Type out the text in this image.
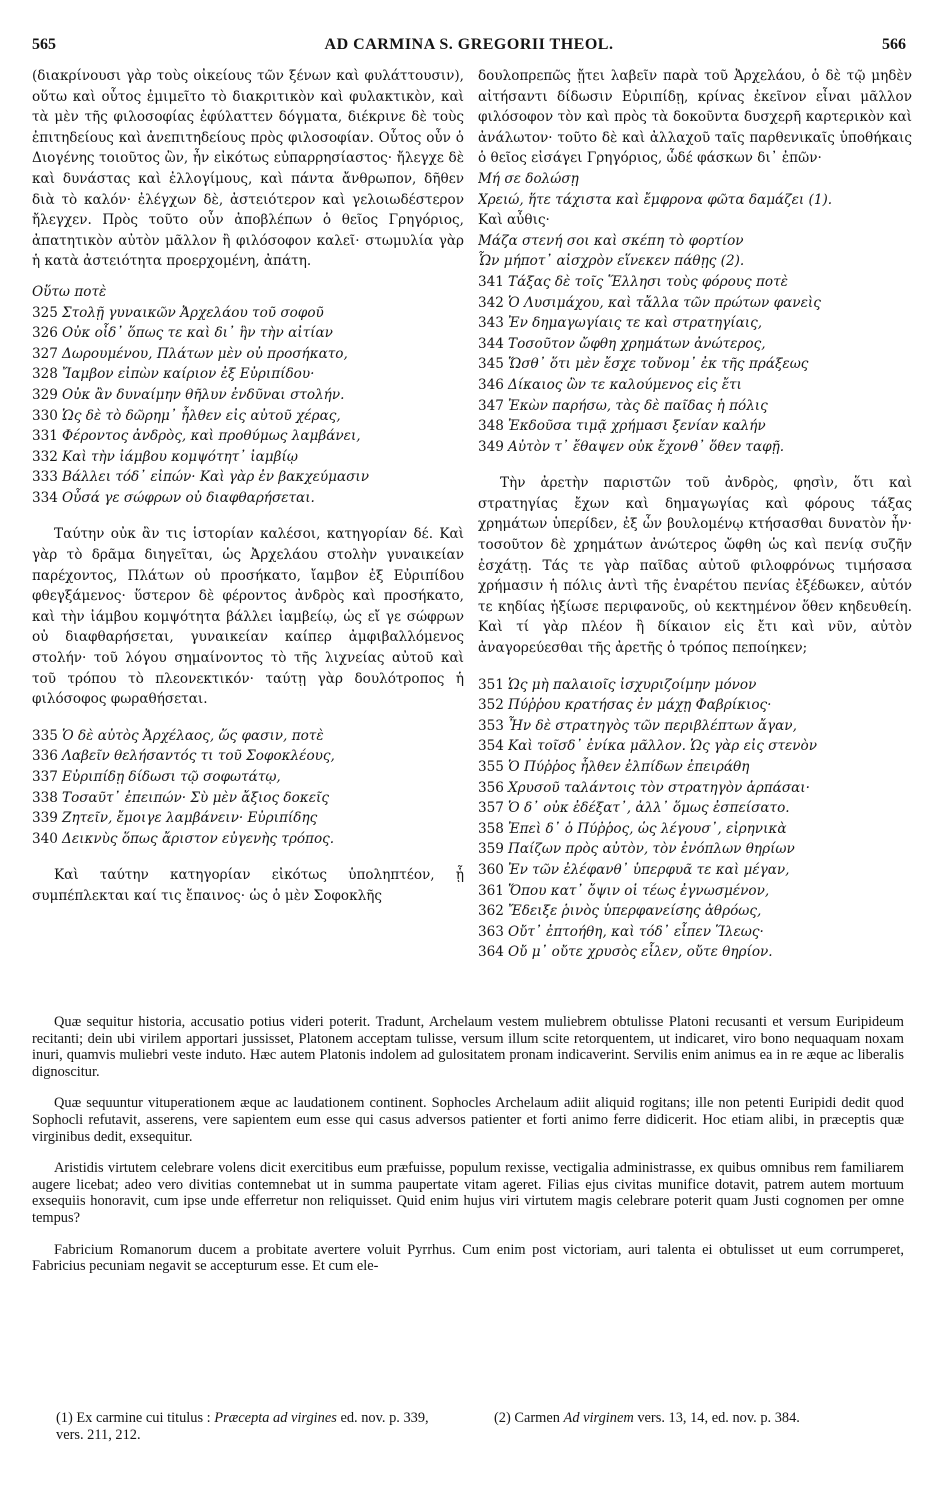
565	AD CARMINA S. GREGORII THEOL.	566

(διακρίνουσι γὰρ τοὺς οἰκείους τῶν ξένων καὶ φυλάττουσιν), οὕτω καὶ οὗτος ἐμιμεῖτο τὸ διακριτικὸν καὶ φυλακτικὸν, καὶ τὰ μὲν τῆς φιλοσοφίας ἐφύλαττεν δόγματα, διέκρινε δὲ τοὺς ἐπιτηδείους καὶ ἀνεπιτηδείους πρὸς φιλοσοφίαν. Οὗτος οὖν ὁ Διογένης τοιοῦτος ὢν, ἦν εἰκότως εὐπαρρησίαστος· ἤλεγχε δὲ καὶ δυνάστας καὶ ἐλλογίμους, καὶ πάντα ἄνθρωπον, δῆθεν διὰ τὸ καλόν· ἐλέγχων δὲ, ἀστειότερον καὶ γελοιωδέστερον ἤλεγχεν. Πρὸς τοῦτο οὖν ἀποβλέπων ὁ θεῖος Γρηγόριος, ἀπατητικὸν αὐτὸν μᾶλλον ἢ φιλόσοφον καλεῖ· στωμυλία γὰρ ἡ κατὰ ἀστειότητα προερχομένη, ἀπάτη.

Οὕτω ποτὲ

325 Στολῇ γυναικῶν Ἀρχελάου τοῦ σοφοῦ
326 Οὐκ οἶδ᾽ ὅπως τε καὶ δι᾽ ἣν τὴν αἰτίαν
327 Δωρουμένου, Πλάτων μὲν οὐ προσήκατο,
328 Ἴαμβον εἰπὼν καίριον ἐξ Εὐριπίδου·
329 Οὐκ ἂν δυναίμην θῆλυν ἐνδῦναι στολήν.
330 Ὡς δὲ τὸ δῶρημ᾽ ἦλθεν εἰς αὐτοῦ χέρας,
331 Φέροντος ἀνδρὸς, καὶ προθύμως λαμβάνει,
332 Καὶ τὴν ἰάμβου κομψότητ᾽ ἰαμβίῳ
333 Βάλλει τόδ᾽ εἰπών· Καὶ γὰρ ἐν βακχεύμασιν
334 Οὖσά γε σώφρων οὐ διαφθαρήσεται.

Ταύτην οὐκ ἂν τις ἱστορίαν καλέσοι, κατηγορίαν δέ. Καὶ γὰρ τὸ δρᾶμα διηγεῖται, ὡς Ἀρχελάου στολὴν γυναικείαν παρέχοντος, Πλάτων οὐ προσήκατο, ἴαμβον ἐξ Εὐριπίδου φθεγξάμενος· ὕστερον δὲ φέροντος ἀνδρὸς καὶ προσήκατο, καὶ τὴν ἰάμβου κομψότητα βάλλει ἰαμβείῳ, ὡς εἴ γε σώφρων οὐ διαφθαρήσεται, γυναικείαν καίπερ ἀμφιβαλλόμενος στολήν· τοῦ λόγου σημαίνοντος τὸ τῆς λιχνείας αὐτοῦ καὶ τοῦ τρόπου τὸ πλεονεκτικόν· ταύτῃ γὰρ δουλότροπος ἡ φιλόσοφος φωραθήσεται.

335 Ὁ δὲ αὐτὸς Ἀρχέλαος, ὥς φασιν, ποτὲ
336 Λαβεῖν θελήσαντός τι τοῦ Σοφοκλέους,
337 Εὐριπίδῃ δίδωσι τῷ σοφωτάτῳ,
338 Τοσαῦτ᾽ ἐπειπών· Σὺ μὲν ἄξιος δοκεῖς
339 Ζητεῖν, ἔμοιγε λαμβάνειν· Εὐριπίδης
340 Δεικνὺς ὅπως ἄριστον εὐγενὴς τρόπος.

Καὶ ταύτην κατηγορίαν εἰκότως ὑποληπτέον, ᾗ συμπέπλεκται καί τις ἔπαινος· ὡς ὁ μὲν Σοφοκλῆς

δουλοπρεπῶς ᾔτει λαβεῖν παρὰ τοῦ Ἀρχελάου, ὁ δὲ τῷ μηδὲν αἰτήσαντι δίδωσιν Εὐριπίδῃ, κρίνας ἐκεῖνον εἶναι μᾶλλον φιλόσοφον τὸν καὶ πρὸς τὰ δοκοῦντα δυσχερῆ καρτερικὸν καὶ ἀνάλωτον· τοῦτο δὲ καὶ ἀλλαχοῦ ταῖς παρθενικαῖς ὑποθήκαις ὁ θεῖος εἰσάγει Γρηγόριος, ὧδέ φάσκων δι᾽ ἐπῶν·

Μή σε δολώσῃ

Χρειώ, ἥτε τάχιστα καὶ ἔμφρονα φῶτα δαμάζει (1).

Καὶ αὖθις·

Μάζα στενή σοι καὶ σκέπη τὸ φορτίον

Ὧν μήποτ᾽ αἰσχρὸν εἵνεκεν πάθῃς (2).

341 Τάξας δὲ τοῖς Ἕλλησι τοὺς φόρους ποτὲ
342 Ὁ Λυσιμάχου, καὶ τἄλλα τῶν πρώτων φανεὶς
343 Ἐν δημαγωγίαις τε καὶ στρατηγίαις,
344 Τοσοῦτον ὤφθη χρημάτων ἀνώτερος,
345 Ὥσθ᾽ ὅτι μὲν ἔσχε τοὔνομ᾽ ἐκ τῆς πράξεως
346 Δίκαιος ὢν τε καλούμενος εἰς ἔτι
347 Ἐκὼν παρήσω, τὰς δὲ παῖδας ἡ πόλις
348 Ἐκδοῦσα τιμᾷ χρήμασι ξενίαν καλήν
349 Αὐτὸν τ᾽ ἔθαψεν οὐκ ἔχονθ᾽ ὅθεν ταφῇ.

Τὴν ἀρετὴν παριστῶν τοῦ ἀνδρὸς, φησὶν, ὅτι καὶ στρατηγίας ἔχων καὶ δημαγωγίας καὶ φόρους τάξας χρημάτων ὑπερίδεν, ἐξ ὧν βουλομένῳ κτήσασθαι δυνατὸν ἦν· τοσοῦτον δὲ χρημάτων ἀνώτερος ὤφθη ὡς καὶ πενίᾳ συζῆν ἐσχάτῃ. Τάς τε γὰρ παῖδας αὐτοῦ φιλοφρόνως τιμήσασα χρήμασιν ἡ πόλις ἀντὶ τῆς ἐναρέτου πενίας ἐξέδωκεν, αὐτόν τε κηδίας ἠξίωσε περιφανοῦς, οὐ κεκτημένον ὅθεν κηδευθείη. Καὶ τί γὰρ πλέον ἢ δίκαιον εἰς ἔτι καὶ νῦν, αὐτὸν ἀναγορεύεσθαι τῆς ἀρετῆς ὁ τρόπος πεποίηκεν;

351 Ὡς μὴ παλαιοῖς ἰσχυριζοίμην μόνον
352 Πύῤῥου κρατήσας ἐν μάχῃ Φαβρίκιος·
353 Ἦν δὲ στρατηγὸς τῶν περιβλέπτων ἄγαν,
354 Καὶ τοῖσδ᾽ ἐνίκα μᾶλλον. Ὡς γὰρ εἰς στενὸν
355 Ὁ Πύῤῥος ἦλθεν ἐλπίδων ἐπειράθη
356 Χρυσοῦ ταλάντοις τὸν στρατηγὸν ἁρπάσαι·
357 Ὁ δ᾽ οὐκ ἐδέξατ᾽, ἀλλ᾽ ὅμως ἐσπείσατο.
358 Ἐπεὶ δ᾽ ὁ Πύῤῥος, ὡς λέγουσ᾽, εἰρηνικὰ
359 Παίζων πρὸς αὐτὸν, τὸν ἐνόπλων θηρίων
360 Ἐν τῶν ἐλέφανθ᾽ ὑπερφυᾶ τε καὶ μέγαν,
361 Ὅπου κατ᾽ ὄψιν οἱ τέως ἐγνωσμένον,
362 Ἔδειξε ῥινὸς ὑπερφανείσης ἀθρόως,
363 Οὔτ᾽ ἐπτοήθη, καὶ τόδ᾽ εἶπεν Ἵλεως·
364 Οὔ μ᾽ οὔτε χρυσὸς εἷλεν, οὔτε θηρίον.

Quæ sequitur historia, accusatio potius videri poterit. Tradunt, Archelaum vestem muliebrem obtulisse Platoni recusanti et versum Euripideum recitanti; dein ubi virilem apportari jussisset, Platonem acceptam tulisse, versum illum scite retorquentem, ut indicaret, viro bono nequaquam noxam inuri, quamvis muliebri veste induto. Hæc autem Platonis indolem ad gulositatem pronam indicaverint. Servilis enim animus ea in re æque ac liberalis dignoscitur.

Quæ sequuntur vituperationem æque ac laudationem continent. Sophocles Archelaum adiit aliquid rogitans; ille non petenti Euripidi dedit quod Sophocli refutavit, asserens, vere sapientem eum esse qui casus adversos patienter et forti animo ferre didicerit. Hoc etiam alibi, in præceptis quæ virginibus dedit, exsequitur.

Aristidis virtutem celebrare volens dicit exercitibus eum præfuisse, populum rexisse, vectigalia administrasse, ex quibus omnibus rem familiarem augere licebat; adeo vero divitias contemnebat ut in summa paupertate vitam ageret. Filias ejus civitas munifice dotavit, patrem autem mortuum exsequiis honoravit, cum ipse unde efferretur non reliquisset. Quid enim hujus viri virtutem magis celebrare poterit quam Justi cognomen per omne tempus?

Fabricium Romanorum ducem a probitate avertere voluit Pyrrhus. Cum enim post victoriam, auri talenta ei obtulisset ut eum corrumperet, Fabricius pecuniam negavit se accepturum esse. Et cum ele-

(1) Ex carmine cui titulus : Præcepta ad virgines ed. nov. p. 339, vers. 211, 212.
(2) Carmen Ad virginem vers. 13, 14, ed. nov. p. 384.
